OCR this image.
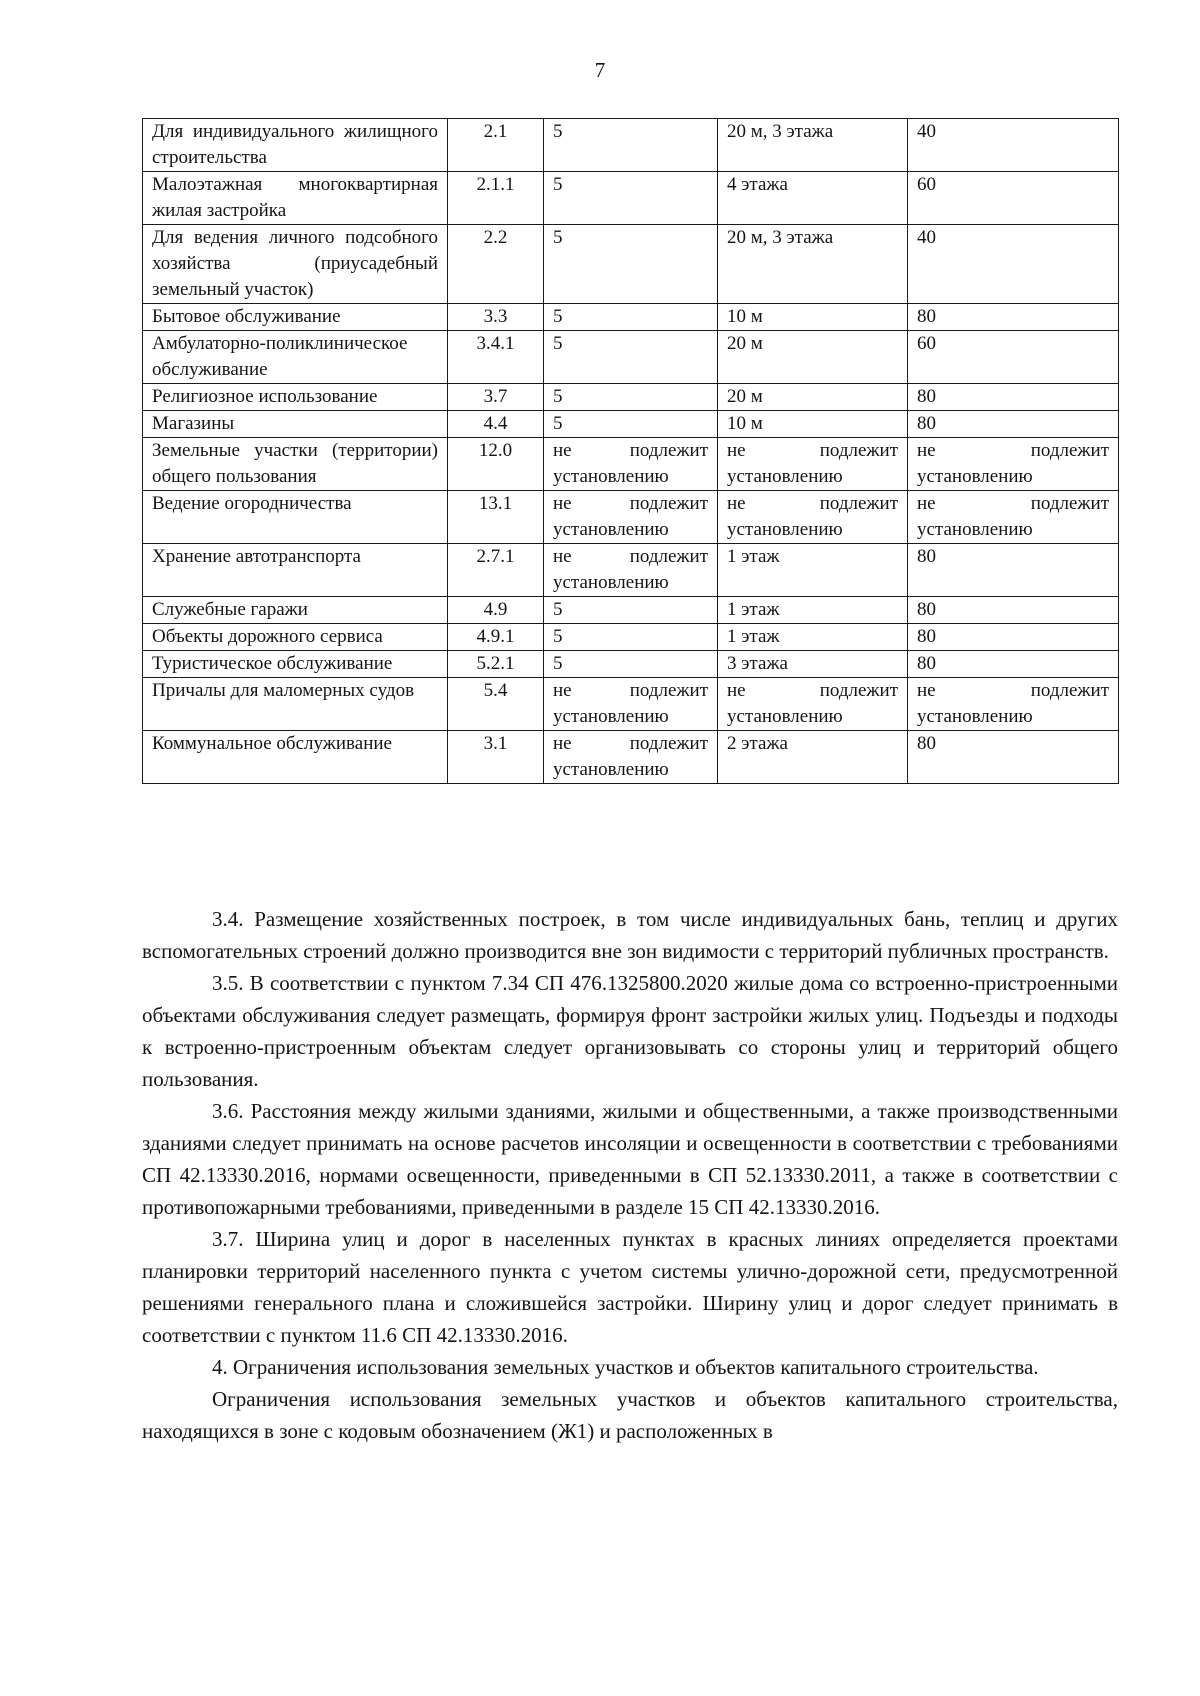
7
Для индивидуального жилищного строительства	2.1	5	20 м, 3 этажа	40
Малоэтажная многоквартирная жилая застройка	2.1.1	5	4 этажа	60
Для ведения личного подсобного хозяйства (приусадебный земельный участок)	2.2	5	20 м, 3 этажа	40
Бытовое обслуживание	3.3	5	10 м	80
Амбулаторно-поликлиническое обслуживание	3.4.1	5	20 м	60
Религиозное использование	3.7	5	20 м	80
Магазины	4.4	5	10 м	80
Земельные участки (территории) общего пользования	12.0	не подлежит установлению	не подлежит установлению	не подлежит установлению
Ведение огородничества	13.1	не подлежит установлению	не подлежит установлению	не подлежит установлению
Хранение автотранспорта	2.7.1	не подлежит установлению	1 этаж	80
Служебные гаражи	4.9	5	1 этаж	80
Объекты дорожного сервиса	4.9.1	5	1 этаж	80
Туристическое обслуживание	5.2.1	5	3 этажа	80
Причалы для маломерных судов	5.4	не подлежит установлению	не подлежит установлению	не подлежит установлению
Коммунальное обслуживание	3.1	не подлежит установлению	2 этажа	80

3.4. Размещение хозяйственных построек, в том числе индивидуальных бань, теплиц и других вспомогательных строений должно производится вне зон видимости с территорий публичных пространств.

3.5. В соответствии с пунктом 7.34 СП 476.1325800.2020 жилые дома со встроенно-пристроенными объектами обслуживания следует размещать, формируя фронт застройки жилых улиц. Подъезды и подходы к встроенно-пристроенным объектам следует организовывать со стороны улиц и территорий общего пользования.

3.6. Расстояния между жилыми зданиями, жилыми и общественными, а также производственными зданиями следует принимать на основе расчетов инсоляции и освещенности в соответствии с требованиями СП 42.13330.2016, нормами освещенности, приведенными в СП 52.13330.2011, а также в соответствии с противопожарными требованиями, приведенными в разделе 15 СП 42.13330.2016.

3.7. Ширина улиц и дорог в населенных пунктах в красных линиях определяется проектами планировки территорий населенного пункта с учетом системы улично-дорожной сети, предусмотренной решениями генерального плана и сложившейся застройки. Ширину улиц и дорог следует принимать в соответствии с пунктом 11.6 СП 42.13330.2016.

4. Ограничения использования земельных участков и объектов капитального строительства.

Ограничения использования земельных участков и объектов капитального строительства, находящихся в зоне с кодовым обозначением (Ж1) и расположенных в
